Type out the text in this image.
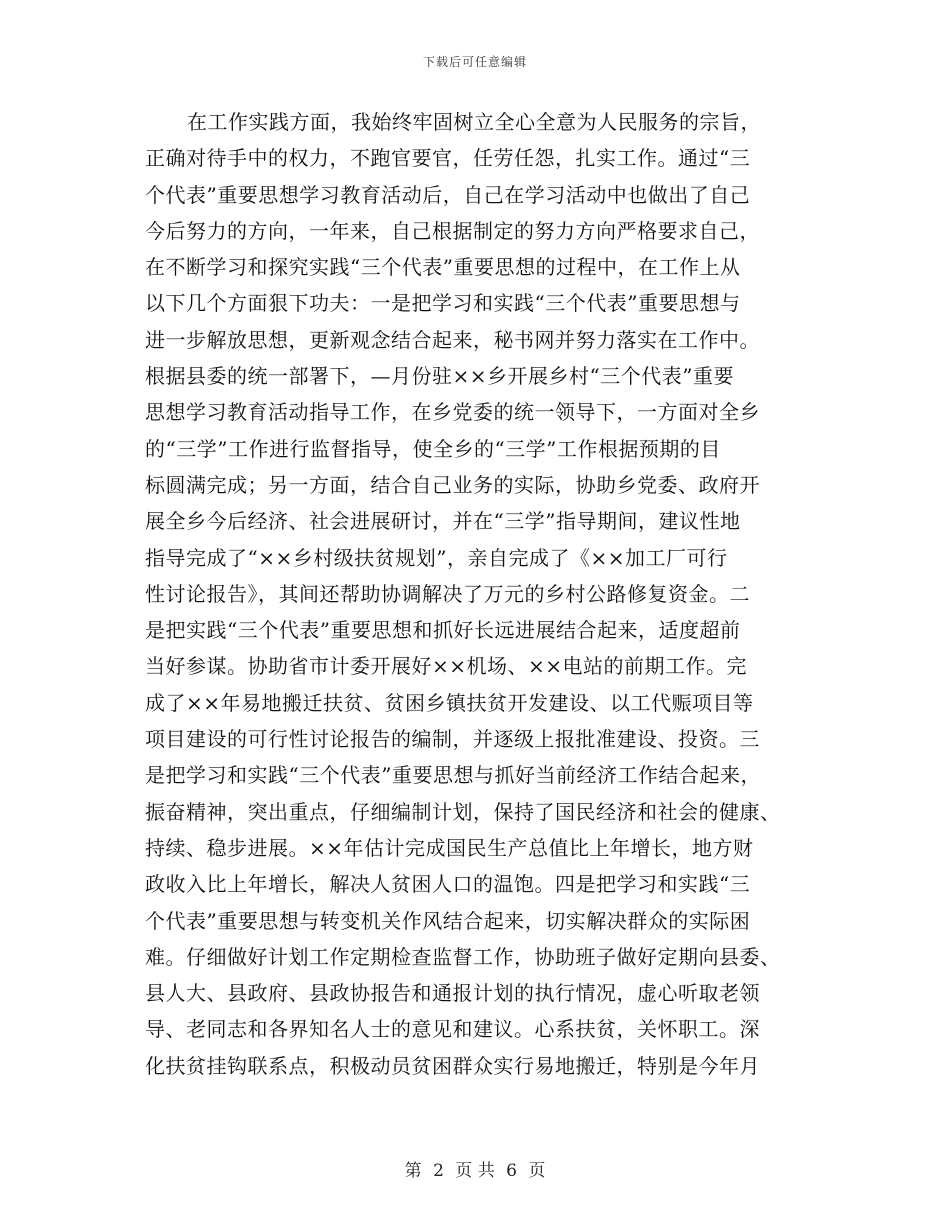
下载后可任意编辑
在工作实践方面，我始终牢固树立全心全意为人民服务的宗旨，
正确对待手中的权力，不跑官要官，任劳任怨，扎实工作。通过“三
个代表”重要思想学习教育活动后，自己在学习活动中也做出了自己
今后努力的方向，一年来，自己根据制定的努力方向严格要求自己，
在不断学习和探究实践“三个代表”重要思想的过程中，在工作上从
以下几个方面狠下功夫：一是把学习和实践“三个代表”重要思想与
进一步解放思想，更新观念结合起来，秘书网并努力落实在工作中。
根据县委的统一部署下，—月份驻××乡开展乡村“三个代表”重要
思想学习教育活动指导工作，在乡党委的统一领导下，一方面对全乡
的“三学”工作进行监督指导，使全乡的“三学”工作根据预期的目
标圆满完成；另一方面，结合自己业务的实际，协助乡党委、政府开
展全乡今后经济、社会进展研讨，并在“三学”指导期间，建议性地
指导完成了“××乡村级扶贫规划”，亲自完成了《××加工厂可行
性讨论报告》，其间还帮助协调解决了万元的乡村公路修复资金。二
是把实践“三个代表”重要思想和抓好长远进展结合起来，适度超前
当好参谋。协助省市计委开展好××机场、××电站的前期工作。完
成了××年易地搬迁扶贫、贫困乡镇扶贫开发建设、以工代赈项目等
项目建设的可行性讨论报告的编制，并逐级上报批准建设、投资。三
是把学习和实践“三个代表”重要思想与抓好当前经济工作结合起来，
振奋精神，突出重点，仔细编制计划，保持了国民经济和社会的健康、
持续、稳步进展。××年估计完成国民生产总值比上年增长，地方财
政收入比上年增长，解决人贫困人口的温饱。四是把学习和实践“三
个代表”重要思想与转变机关作风结合起来，切实解决群众的实际困
难。仔细做好计划工作定期检查监督工作，协助班子做好定期向县委、
县人大、县政府、县政协报告和通报计划的执行情况，虚心听取老领
导、老同志和各界知名人士的意见和建议。心系扶贫，关怀职工。深
化扶贫挂钩联系点，积极动员贫困群众实行易地搬迁，特别是今年月
第 2 页 共 6 页
